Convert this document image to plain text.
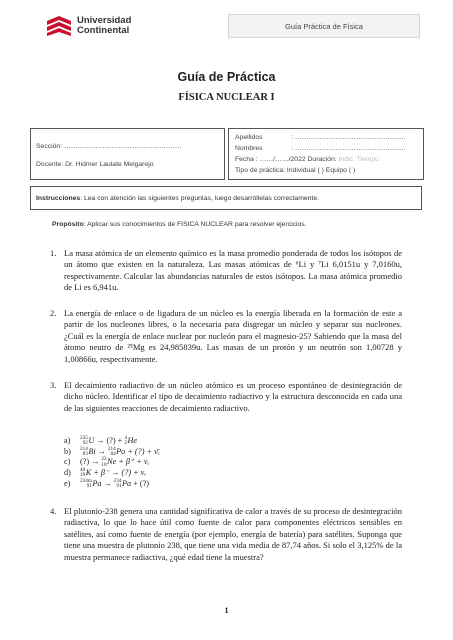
Universidad
Continental	Guía Práctica de Física
Guía de Práctica
FÍSICA NUCLEAR I
Sección: …………………………………………….
Docente: Dr. Hidmer Laulate Melgarejo
Apellidos	: ………………………………………….
Nombres	: ………………………………………….
Fecha : ……/……/2022 Duración: Indic. Tiempo
Tipo de práctica: Individual ( ) Equipo ( )
Instrucciones : Lea con atención las siguientes preguntas, luego desarróllelas correctamente.
Propósito: Aplicar sus conocimientos de FISICA NUCLEAR para resolver ejercicios.
1. La masa atómica de un elemento químico es la masa promedio ponderada de todos los isótopos de un átomo que existen en la naturaleza. Las masas atómicas de ⁶Li y ⁷Li 6,0151u y 7,0160u, respectivamente. Calcular las abundancias naturales de estos isótopos. La masa atómica promedio de Li es 6,941u.
2. La energía de enlace o de ligadura de un núcleo es la energía liberada en la formación de este a partir de los nucleones libres, o la necesaria para disgregar un núcleo y separar sus nucleones. ¿Cuál es la energía de enlace nuclear por nucleón para el magnesio-25? Sabiendo que la masa del átomo neutro de ²⁵Mg es 24,985839u. Las masas de un protón y un neutrón son 1,00728 y 1,00866u, respectivamente.
3. El decaimiento radiactivo de un núcleo atómico es un proceso espontáneo de desintegración de dicho núcleo. Identificar el tipo de decaimiento radiactivo y la estructura desconocida en cada una de las siguientes reacciones de decaimiento radiactivo.
a) 235
92 U → (?) + 4
2 He
b) 214
83 Bi → 214
84 Po + (?) + ν̄ₑ
c) (?) → 22
10 Ne + β⁺ + νₑ
d) 40
19 K + β⁻ → (?) + νₑ
e) 234m
91 Pa → 234
91 Pa + (?)
4. El plutonio-238 genera una cantidad significativa de calor a través de su proceso de desintegración radiactiva, lo que lo hace útil como fuente de calor para componentes eléctricos sensibles en satélites, así como fuente de energía (por ejemplo, energía de batería) para satélites. Suponga que tiene una muestra de plutonio 238, que tiene una vida media de 87,74 años. Si solo el 3,125% de la muestra permanece radiactiva, ¿qué edad tiene la muestra?
1
